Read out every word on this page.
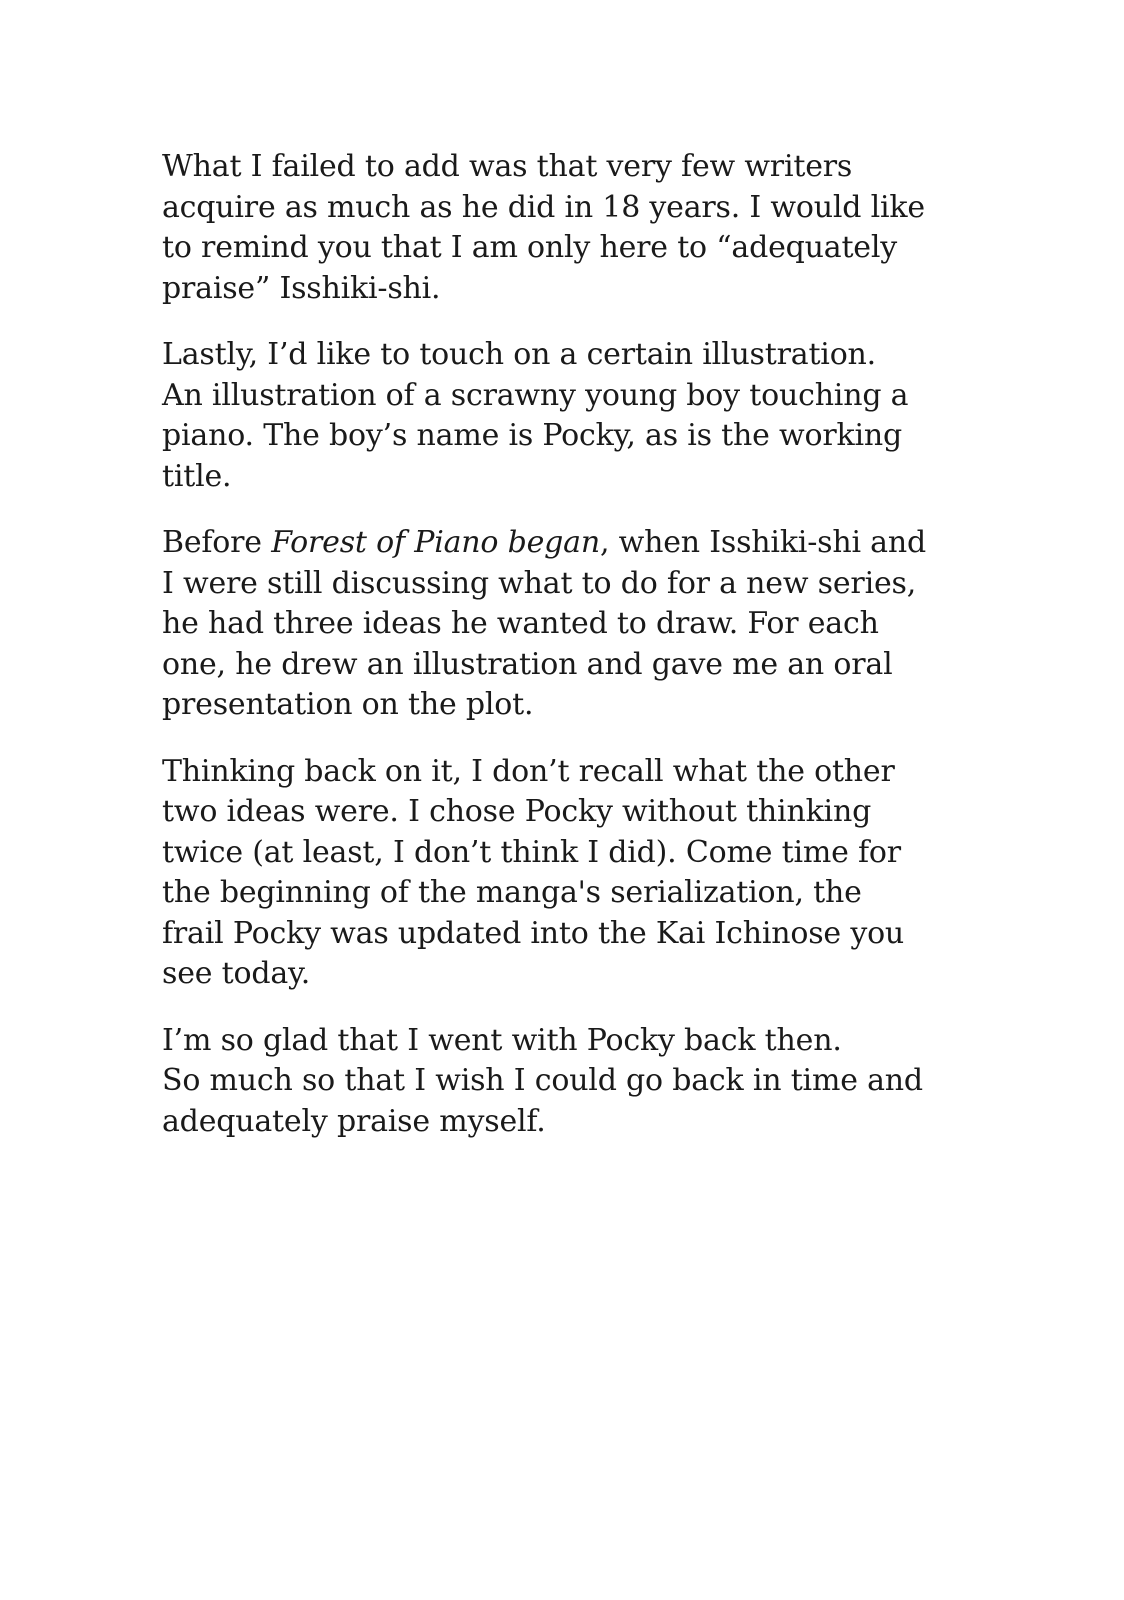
What I failed to add was that very few writers
acquire as much as he did in 18 years. I would like
to remind you that I am only here to “adequately
praise” Isshiki-shi.

Lastly, I’d like to touch on a certain illustration.
An illustration of a scrawny young boy touching a
piano. The boy’s name is Pocky, as is the working
title.

Before Forest of Piano began, when Isshiki-shi and
I were still discussing what to do for a new series,
he had three ideas he wanted to draw. For each
one, he drew an illustration and gave me an oral
presentation on the plot.

Thinking back on it, I don’t recall what the other
two ideas were. I chose Pocky without thinking
twice (at least, I don’t think I did). Come time for
the beginning of the manga's serialization, the
frail Pocky was updated into the Kai Ichinose you
see today.

I’m so glad that I went with Pocky back then.
So much so that I wish I could go back in time and
adequately praise myself.
